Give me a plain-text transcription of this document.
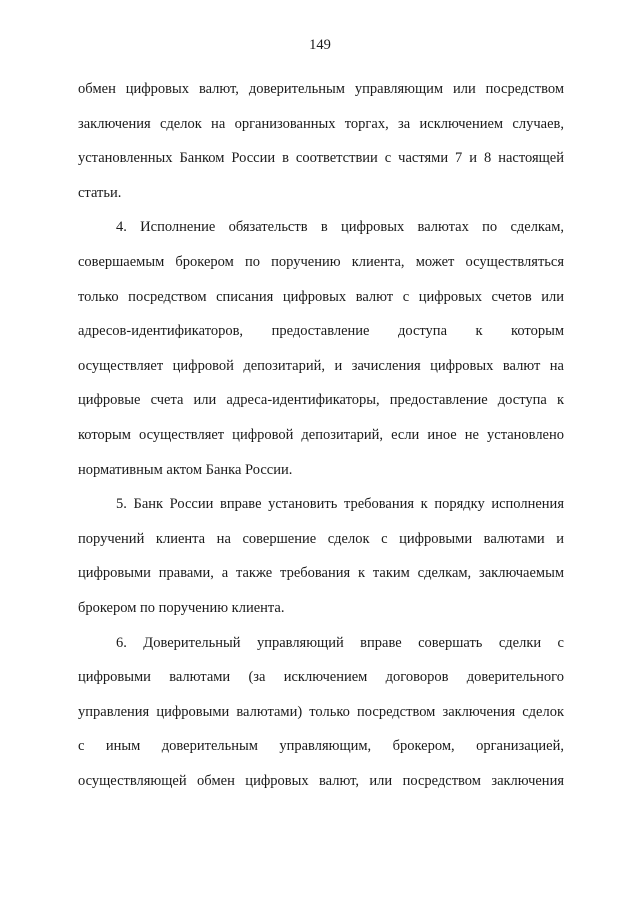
149
обмен цифровых валют, доверительным управляющим или посредством
заключения сделок на организованных торгах, за исключением случаев,
установленных Банком России в соответствии с частями 7 и 8 настоящей
статьи.
4. Исполнение обязательств в цифровых валютах по сделкам,
совершаемым брокером по поручению клиента, может осуществляться
только посредством списания цифровых валют с цифровых счетов или
адресов-идентификаторов, предоставление доступа к которым
осуществляет цифровой депозитарий, и зачисления цифровых валют на
цифровые счета или адреса-идентификаторы, предоставление доступа к
которым осуществляет цифровой депозитарий, если иное не установлено
нормативным актом Банка России.
5. Банк России вправе установить требования к порядку исполнения
поручений клиента на совершение сделок с цифровыми валютами и
цифровыми правами, а также требования к таким сделкам, заключаемым
брокером по поручению клиента.
6. Доверительный управляющий вправе совершать сделки с
цифровыми валютами (за исключением договоров доверительного
управления цифровыми валютами) только посредством заключения сделок
с иным доверительным управляющим, брокером, организацией,
осуществляющей обмен цифровых валют, или посредством заключения
